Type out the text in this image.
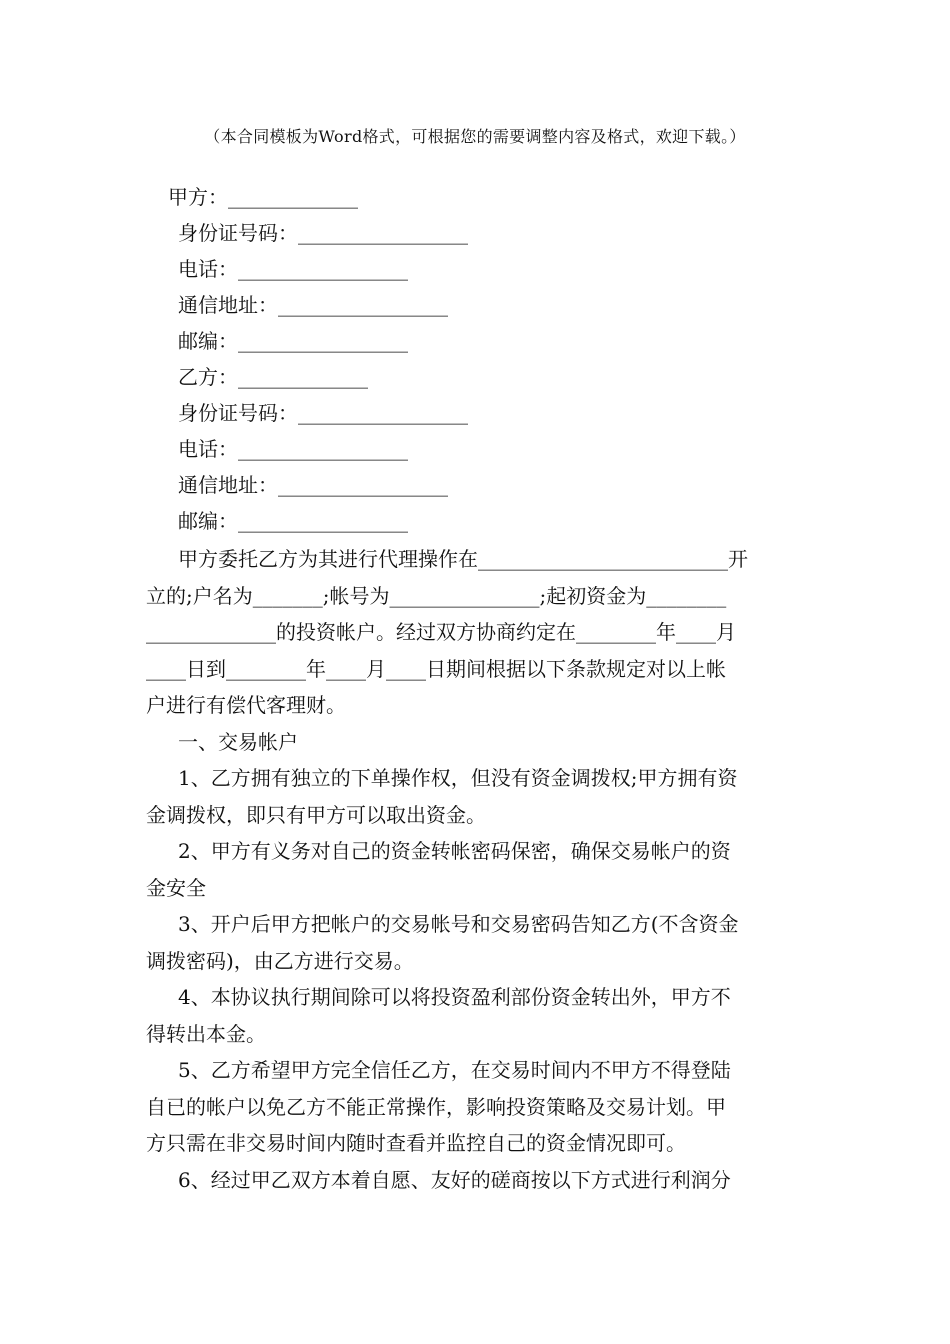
（本合同模板为Word格式，可根据您的需要调整内容及格式，欢迎下载。）
甲方：_____________
身份证号码：_________________
电话：_________________
通信地址：_________________
邮编：_________________
乙方：_____________
身份证号码：_________________
电话：_________________
通信地址：_________________
邮编：_________________
甲方委托乙方为其进行代理操作在_________________________开
立的;户名为_______;帐号为_______________;起初资金为________
_____________的投资帐户。经过双方协商约定在________年____月
____日到________年____月____日期间根据以下条款规定对以上帐
户进行有偿代客理财。
一、交易帐户
1、乙方拥有独立的下单操作权，但没有资金调拨权;甲方拥有资
金调拨权，即只有甲方可以取出资金。
2、甲方有义务对自己的资金转帐密码保密，确保交易帐户的资
金安全
3、开户后甲方把帐户的交易帐号和交易密码告知乙方(不含资金
调拨密码)，由乙方进行交易。
4、本协议执行期间除可以将投资盈利部份资金转出外，甲方不
得转出本金。
5、乙方希望甲方完全信任乙方，在交易时间内不甲方不得登陆
自已的帐户以免乙方不能正常操作，影响投资策略及交易计划。甲
方只需在非交易时间内随时查看并监控自己的资金情况即可。
6、经过甲乙双方本着自愿、友好的磋商按以下方式进行利润分
